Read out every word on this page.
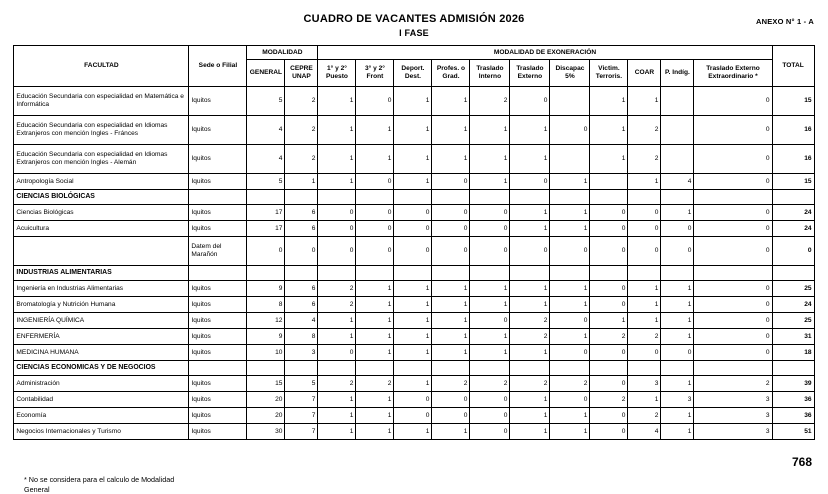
ANEXO N° 1 - A
CUADRO DE VACANTES ADMISIÓN 2026
I FASE
FACULTAD	Sede o Filial	MODALIDAD		MODALIDAD DE EXONERACIÓN											TOTAL
		GENERAL	CEPRE UNAP	1° y 2° Puesto	3° y 2° Front	Deport. Dest.	Profes. o Grad.	Traslado Interno	Traslado Externo	Discapac 5%	Victim. Terroris.	COAR	P. Indíg.	Traslado Externo Extraordinario *	
Educación Secundaria con especialidad en Matemática e Informática	Iquitos	5	2	1	0	1	1	2	0		1	1		0	15
Educación Secundaria con especialidad en Idiomas Extranjeros con mención Ingles - Fránces	Iquitos	4	2	1	1	1	1	1	1	0	1	2		0	16
Educación Secundaria con especialidad en Idiomas Extranjeros con mención Ingles - Alemán	Iquitos	4	2	1	1	1	1	1	1		1	2		0	16
Antropología Social	Iquitos	5	1	1	0	1	0	1	0	1		1	4	0	15
CIENCIAS BIOLÓGICAS															
Ciencias Biológicas	Iquitos	17	6	0	0	0	0	0	1	1	0	0	1	0	24
Acuicultura	Iquitos	17	6	0	0	0	0	0	1	1	0	0	0	0	24
	Datem del Marañón	0	0	0	0	0	0	0	0	0	0	0	0	0	0
INDUSTRIAS ALIMENTARIAS															
Ingeniería en Industrias Alimentarias	Iquitos	9	6	2	1	1	1	1	1	1	0	1	1	0	25
Bromatología y Nutrición Humana	Iquitos	8	6	2	1	1	1	1	1	1	0	1	1	0	24
INGENIERÍA QUÍMICA	Iquitos	12	4	1	1	1	1	0	2	0	1	1	1	0	25
ENFERMERÍA	Iquitos	9	8	1	1	1	1	1	2	1	2	2	1	0	31
MEDICINA HUMANA	Iquitos	10	3	0	1	1	1	1	1	0	0	0	0	0	18
CIENCIAS ECONOMICAS Y DE NEGOCIOS															
Administración	Iquitos	15	5	2	2	1	2	2	2	2	0	3	1	2	39
Contabilidad	Iquitos	20	7	1	1	0	0	0	1	0	2	1	3	3	36
Economía	Iquitos	20	7	1	1	0	0	0	1	1	0	2	1	3	36
Negocios Internacionales y Turismo	Iquitos	30	7	1	1	1	1	0	1	1	0	4	1	3	51
768
* No se considera para el calculo de Modalidad
General
